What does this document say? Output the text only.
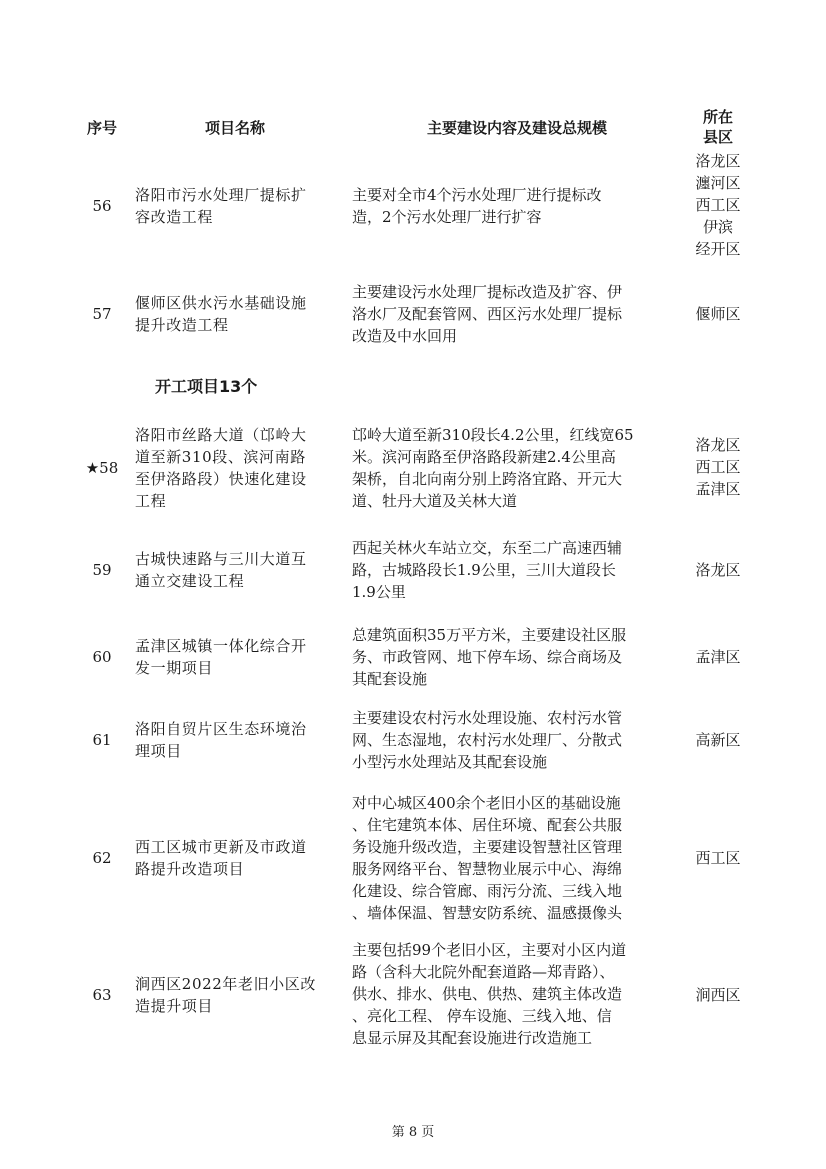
序号	项目名称	主要建设内容及建设总规模
所在
县区
56
洛阳市污水处理厂提标扩
容改造工程
主要对全市4个污水处理厂进行提标改
造，2个污水处理厂进行扩容
洛龙区
瀍河区
西工区
伊滨
经开区
57
偃师区供水污水基础设施
提升改造工程
主要建设污水处理厂提标改造及扩容、伊
洛水厂及配套管网、西区污水处理厂提标
改造及中水回用
偃师区
开工项目13个
★58
洛阳市丝路大道（邙岭大
道至新310段、滨河南路
至伊洛路段）快速化建设
工程
邙岭大道至新310段长4.2公里，红线宽65
米。滨河南路至伊洛路段新建2.4公里高
架桥，自北向南分别上跨洛宜路、开元大
道、牡丹大道及关林大道
洛龙区
西工区
孟津区
59
古城快速路与三川大道互
通立交建设工程
西起关林火车站立交，东至二广高速西辅
路，古城路段长1.9公里，三川大道段长
1.9公里
洛龙区
60
孟津区城镇一体化综合开
发一期项目
总建筑面积35万平方米，主要建设社区服
务、市政管网、地下停车场、综合商场及
其配套设施
孟津区
61
洛阳自贸片区生态环境治
理项目
主要建设农村污水处理设施、农村污水管
网、生态湿地，农村污水处理厂、分散式
小型污水处理站及其配套设施
高新区
62
西工区城市更新及市政道
路提升改造项目
对中心城区400余个老旧小区的基础设施
、住宅建筑本体、居住环境、配套公共服
务设施升级改造，主要建设智慧社区管理
服务网络平台、智慧物业展示中心、海绵
化建设、综合管廊、雨污分流、三线入地
、墙体保温、智慧安防系统、温感摄像头
西工区
63
涧西区2022年老旧小区改
造提升项目
主要包括99个老旧小区，主要对小区内道
路（含科大北院外配套道路—郑青路）、
供水、排水、供电、供热、建筑主体改造
、亮化工程、 停车设施、三线入地、信
息显示屏及其配套设施进行改造施工
涧西区
第 8 页
